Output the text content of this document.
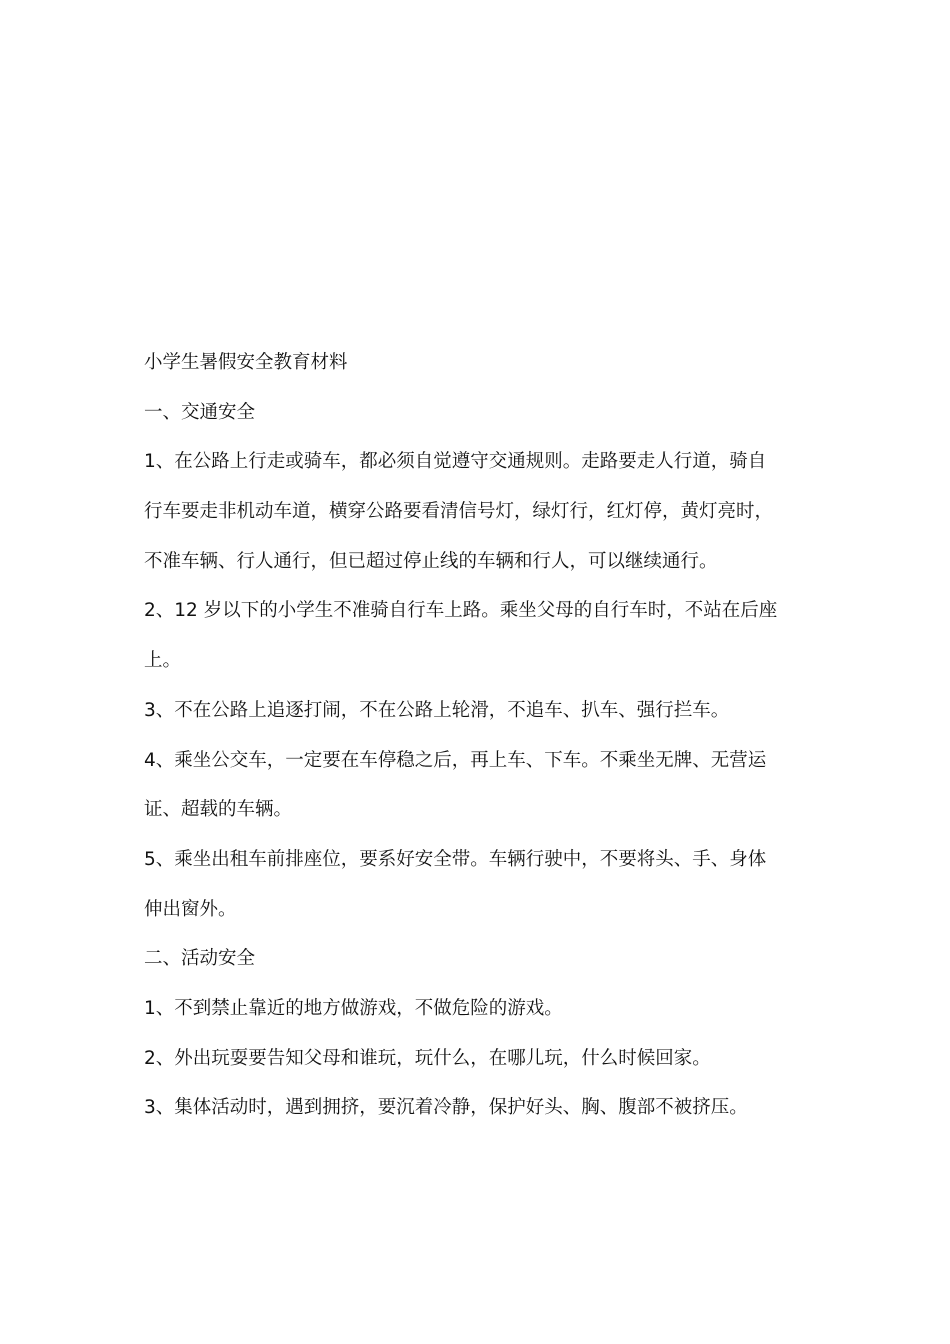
小学生暑假安全教育材料
一、交通安全
1、在公路上行走或骑车，都必须自觉遵守交通规则。走路要走人行道，骑自
行车要走非机动车道，横穿公路要看清信号灯，绿灯行，红灯停，黄灯亮时，
不准车辆、行人通行，但已超过停止线的车辆和行人，可以继续通行。
2、12 岁以下的小学生不准骑自行车上路。乘坐父母的自行车时，不站在后座
上。
3、不在公路上追逐打闹，不在公路上轮滑，不追车、扒车、强行拦车。
4、乘坐公交车，一定要在车停稳之后，再上车、下车。不乘坐无牌、无营运
证、超载的车辆。
5、乘坐出租车前排座位，要系好安全带。车辆行驶中，不要将头、手、身体
伸出窗外。
二、活动安全
1、不到禁止靠近的地方做游戏，不做危险的游戏。
2、外出玩耍要告知父母和谁玩，玩什么，在哪儿玩，什么时候回家。
3、集体活动时，遇到拥挤，要沉着冷静，保护好头、胸、腹部不被挤压。
